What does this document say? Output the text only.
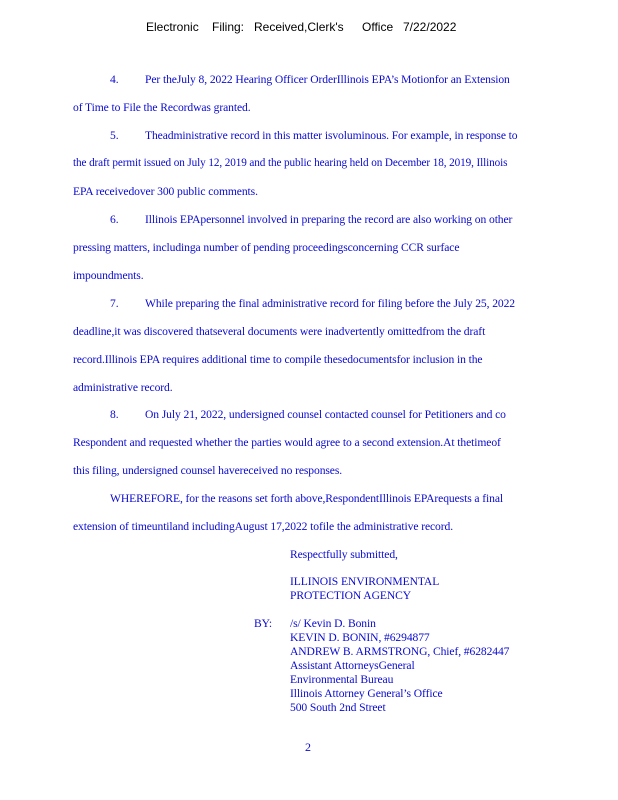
Electronic Filing: Received,Clerk's Office 7/22/2022
4. Per theJuly 8, 2022 Hearing Officer OrderIllinois EPA’s Motionfor an Extension
of Time to File the Recordwas granted.
5. Theadministrative record in this matter isvoluminous. For example, in response to
the draft permit issued on July 12, 2019 and the public hearing held on December 18, 2019, Illinois
EPA receivedover 300 public comments.
6. Illinois EPApersonnel involved in preparing the record are also working on other
pressing matters, includinga number of pending proceedingsconcerning CCR surface
impoundments.
7. While preparing the final administrative record for filing before the July 25, 2022
deadline,it was discovered thatseveral documents were inadvertently omittedfrom the draft
record.Illinois EPA requires additional time to compile thesedocumentsfor inclusion in the
administrative record.
8. On July 21, 2022, undersigned counsel contacted counsel for Petitioners and co
Respondent and requested whether the parties would agree to a second extension.At thetimeof
this filing, undersigned counsel havereceived no responses.
WHEREFORE, for the reasons set forth above,RespondentIllinois EPArequests a final
extension of timeuntiland includingAugust 17,2022 tofile the administrative record.
Respectfully submitted,
ILLINOIS ENVIRONMENTAL
PROTECTION AGENCY
BY: /s/ Kevin D. Bonin
KEVIN D. BONIN, #6294877
ANDREW B. ARMSTRONG, Chief, #6282447
Assistant AttorneysGeneral
Environmental Bureau
Illinois Attorney General’s Office
500 South 2nd Street
2
